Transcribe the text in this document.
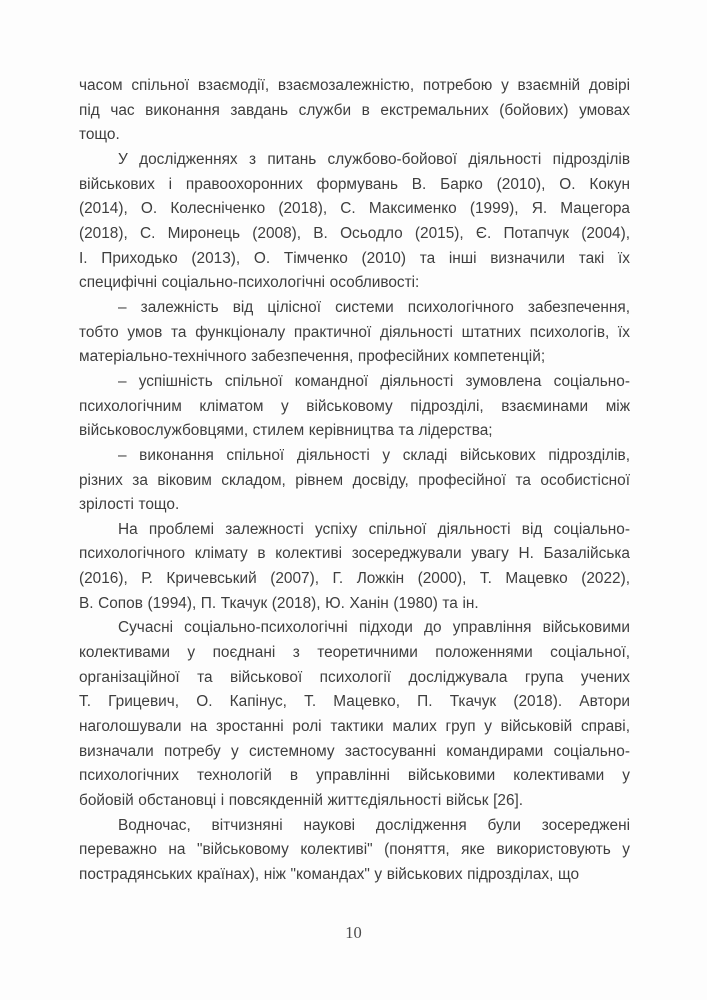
часом спільної взаємодії, взаємозалежністю, потребою у взаємній довірі
під час виконання завдань служби в екстремальних (бойових) умовах
тощо.
У дослідженнях з питань службово-бойової діяльності підрозділів
військових і правоохоронних формувань В. Барко (2010), О. Кокун
(2014), О. Колесніченко (2018), С. Максименко (1999), Я. Мацегора
(2018), С. Миронець (2008), В. Осьодло (2015), Є. Потапчук (2004),
І. Приходько (2013), О. Тімченко (2010) та інші визначили такі їх
специфічні соціально-психологічні особливості:
– залежність від цілісної системи психологічного забезпечення,
тобто умов та функціоналу практичної діяльності штатних психологів, їх
матеріально-технічного забезпечення, професійних компетенцій;
– успішність спільної командної діяльності зумовлена соціально-
психологічним кліматом у військовому підрозділі, взаєминами між
військовослужбовцями, стилем керівництва та лідерства;
– виконання спільної діяльності у складі військових підрозділів,
різних за віковим складом, рівнем досвіду, професійної та особистісної
зрілості тощо.
На проблемі залежності успіху спільної діяльності від соціально-
психологічного клімату в колективі зосереджували увагу Н. Базалійська
(2016), Р. Кричевський (2007), Г. Ложкін (2000), Т. Мацевко (2022),
В. Сопов (1994), П. Ткачук (2018), Ю. Ханін (1980) та ін.
Сучасні соціально-психологічні підходи до управління військовими
колективами у поєднані з теоретичними положеннями соціальної,
організаційної та військової психології досліджувала група учених
Т. Грицевич, О. Капінус, Т. Мацевко, П. Ткачук (2018). Автори
наголошували на зростанні ролі тактики малих груп у військовій справі,
визначали потребу у системному застосуванні командирами соціально-
психологічних технологій в управлінні військовими колективами у
бойовій обстановці і повсякденній життєдіяльності військ [26].
Водночас, вітчизняні наукові дослідження були зосереджені
переважно на "військовому колективі" (поняття, яке використовують у
пострадянських країнах), ніж "командах" у військових підрозділах, що
10
